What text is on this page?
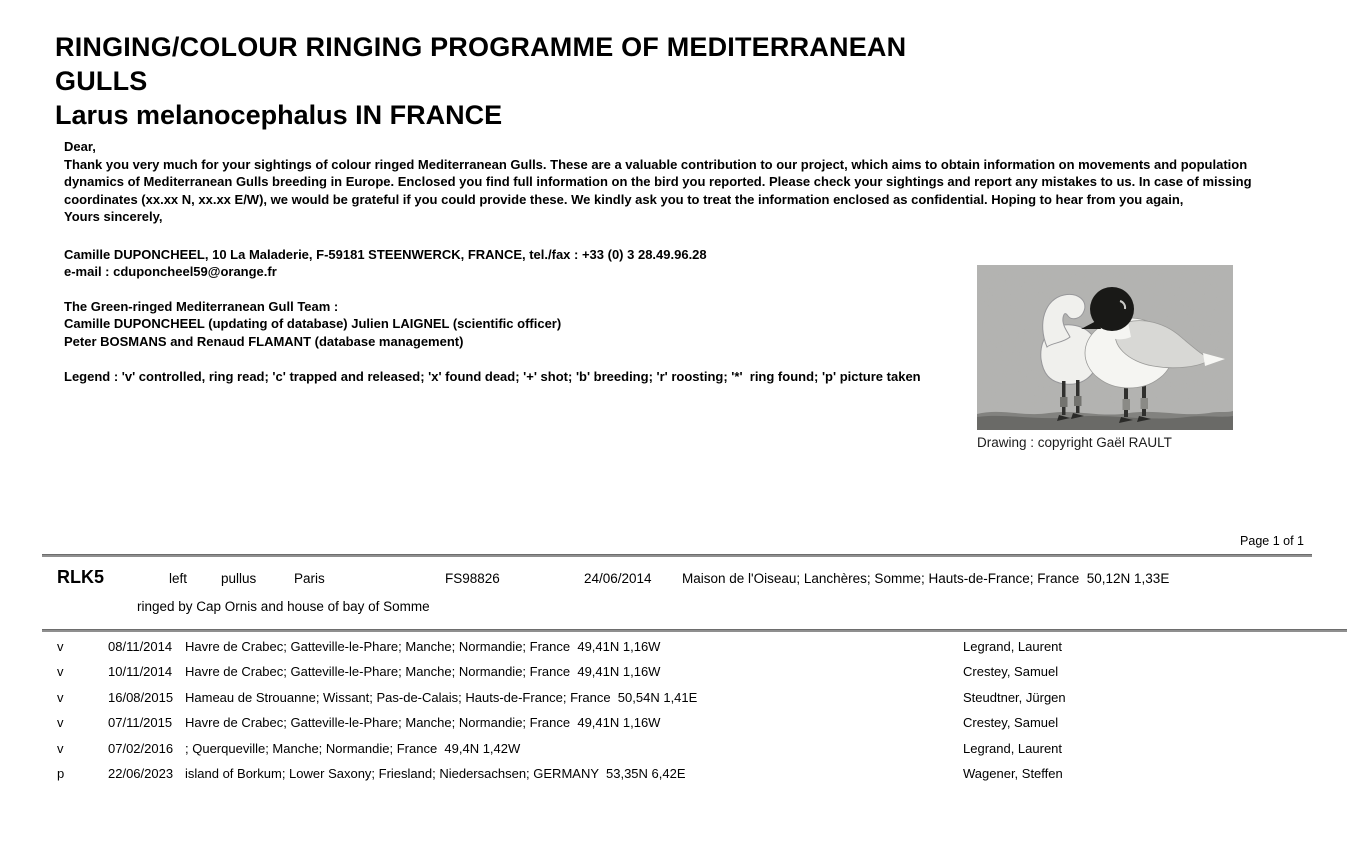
RINGING/COLOUR RINGING PROGRAMME OF MEDITERRANEAN GULLS
Larus melanocephalus IN FRANCE
Dear,
Thank you very much for your sightings of colour ringed Mediterranean Gulls. These are a valuable contribution to our project, which aims to obtain information on movements and population dynamics of Mediterranean Gulls breeding in Europe. Enclosed you find full information on the bird you reported. Please check your sightings and report any mistakes to us. In case of missing coordinates (xx.xx N, xx.xx E/W), we would be grateful if you could provide these. We kindly ask you to treat the information enclosed as confidential. Hoping to hear from you again,
Yours sincerely,
Camille DUPONCHEEL, 10 La Maladerie, F-59181 STEENWERCK, FRANCE, tel./fax : +33 (0) 3 28.49.96.28
e-mail : cduponcheel59@orange.fr
The Green-ringed Mediterranean Gull Team :
Camille DUPONCHEEL (updating of database) Julien LAIGNEL (scientific officer)
Peter BOSMANS and Renaud FLAMANT (database management)
Legend : 'v' controlled, ring read; 'c' trapped and released; 'x' found dead; '+' shot; 'b' breeding; 'r' roosting; '*'  ring found; 'p' picture taken
Drawing : copyright Gaël RAULT
Page 1 of 1
RLK5	left	pullus	Paris	FS98826	24/06/2014	Maison de l'Oiseau; Lanchères; Somme; Hauts-de-France; France  50,12N 1,33E
ringed by Cap Ornis and house of bay of Somme
v	08/11/2014 Havre de Crabec; Gatteville-le-Phare; Manche; Normandie; France  49,41N 1,16W	Legrand, Laurent
v	10/11/2014 Havre de Crabec; Gatteville-le-Phare; Manche; Normandie; France  49,41N 1,16W	Crestey, Samuel
v	16/08/2015 Hameau de Strouanne; Wissant; Pas-de-Calais; Hauts-de-France; France  50,54N 1,41E	Steudtner, Jürgen
v	07/11/2015 Havre de Crabec; Gatteville-le-Phare; Manche; Normandie; France  49,41N 1,16W	Crestey, Samuel
v	07/02/2016 ; Querqueville; Manche; Normandie; France  49,4N 1,42W	Legrand, Laurent
p	22/06/2023 island of Borkum; Lower Saxony; Friesland; Niedersachsen; GERMANY  53,35N 6,42E	Wagener, Steffen
